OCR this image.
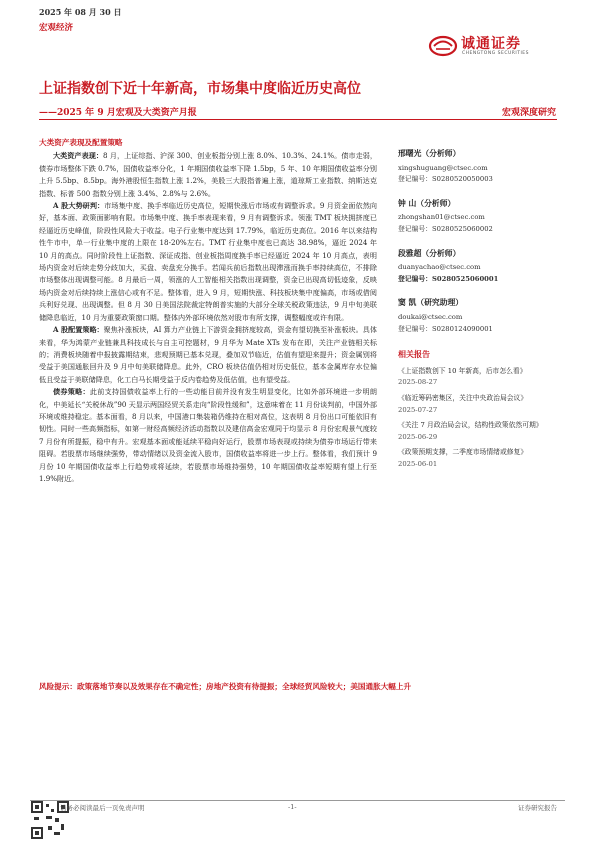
2025 年 08 月 30 日
宏观经济
诚通证券
CHENGTONG SECURITIES
上证指数创下近十年新高，市场集中度临近历史高位
——2025 年 9 月宏观及大类资产月报	宏观深度研究
大类资产表现及配置策略

大类资产表现：8 月，上证综指、沪深 300、创业板指分别上涨 8.0%、10.3%、24.1%。债市走弱，债券市场整体下跌 0.7%，国债收益率分化，1 年期国债收益率下降 1.5bp，5 年、10 年期国债收益率分别上升 5.5bp、8.5bp。海外港股恒生指数上涨 1.2%，美股三大股指普遍上涨，道琼斯工业指数、纳斯达克指数、标普 500 指数分别上涨 3.4%、2.8%与 2.6%。

A 股大势研判：市场集中度、换手率临近历史高位，短期快涨后市场或有调整诉求。9 月资金面依然向好，基本面、政策面影响有限。市场集中度、换手率表现来看，9 月有调整诉求。领涨 TMT 板块拥挤度已经逼近历史峰值，阶段性风险大于收益。电子行业集中度达到 17.79%，临近历史高位。2016 年以来结构性牛市中，单一行业集中度的上限在 18-20%左右。TMT 行业集中度也已高达 38.98%，逼近 2024 年 10 月的高点。同时阶段性上证指数、深证成指、创业板指周度换手率已经逼近 2024 年 10 月高点，表明场内资金对后续走势分歧加大，买盘、卖盘充分换手。若闻兵前后指数出现滞涨而换手率持续高位，不排除市场整体出现调整可能。8 月最后一周，领涨的人工智能相关指数出现调整，资金已出现高切低迹象，反映场内资金对后续持续上涨信心或有不足。整体看，进入 9 月，短期快涨、科技板块集中度偏高，市场或借阅兵利好兑现、出现调整。但 8 月 30 日美国法院裁定特朗普实施的大部分全球关税政策违法，9 月中旬美联储降息临近，10 月为重要政策窗口期。整体内外部环境依然对股市有所支撑，调整幅度或许有限。

A 股配置策略：聚焦补涨板块，AI 算力产业链上下游资金拥挤度较高，资金有望切换至补涨板块。具体来看，华为鸿蒙产业链兼具科技成长与自主可控题材，9 月华为 Mate XTs 发布在即，关注产业链相关标的；消费板块随着中报披露期结束，悲观预期已基本兑现，叠加双节临近，估值有望迎来提升；资金属别将受益于美国通胀回升及 9 月中旬美联储降息。此外，CRO 板块估值仍相对历史低位，基本金属库存水位偏低且受益于美联储降息，化工白马长期受益于反内卷趋势及低估值，也有望受益。

债券策略：此前支持国债收益率上行的一些动能目前并没有发生明显变化，比如外部环境进一步明朗化，中美延长“关税休战”90 天显示两国经贸关系走向“阶段性缓和”，这意味着在 11 月份谈判前，中国外部环境或维持稳定。基本面看，8 月以来，中国港口集装箱仍维持在相对高位，这表明 8 月份出口可能依旧有韧性。同时一些高频指标，如第一财经高频经济活动指数以及建信高金宏观同于均显示 8 月份宏观景气度较 7 月份有所提振，稳中有升。宏观基本面或能延续平稳向好运行，股票市场表现或持续为债券市场运行带来阻碍。若股票市场继续强势，带动情绪以及资金流入股市，国债收益率将进一步上行。整体看，我们预计 9 月份 10 年期国债收益率上行趋势或将延续，若股票市场维持强势，10 年期国债收益率短期有望上行至 1.9%附近。

邢曙光（分析师）
xingshuguang@ctsec.com
登记编号：S0280520050003
钟 山（分析师）
zhongshan01@ctsec.com
登记编号：S0280525060002
段雅超（分析师）
duanyachao@ctsec.com
登记编号：S0280525060001
窦 凯（研究助理）
doukai@ctsec.com
登记编号：S0280124090001
相关报告
《上证指数创下 10 年新高，后市怎么看》
2025-08-27
《临近筹码密集区，关注中央政治局会议》
2025-07-27
《关注 7 月政治局会议，结构性政策依然可期》
2025-06-29
《政策预期支撑，二季度市场情绪或修复》
2025-06-01
风险提示：政策落地节奏以及效果存在不确定性；房地产投资有待提振；全球经贸风险较大；美国通胀大幅上升
请务必阅读最后一页免责声明	-1-	证券研究报告
